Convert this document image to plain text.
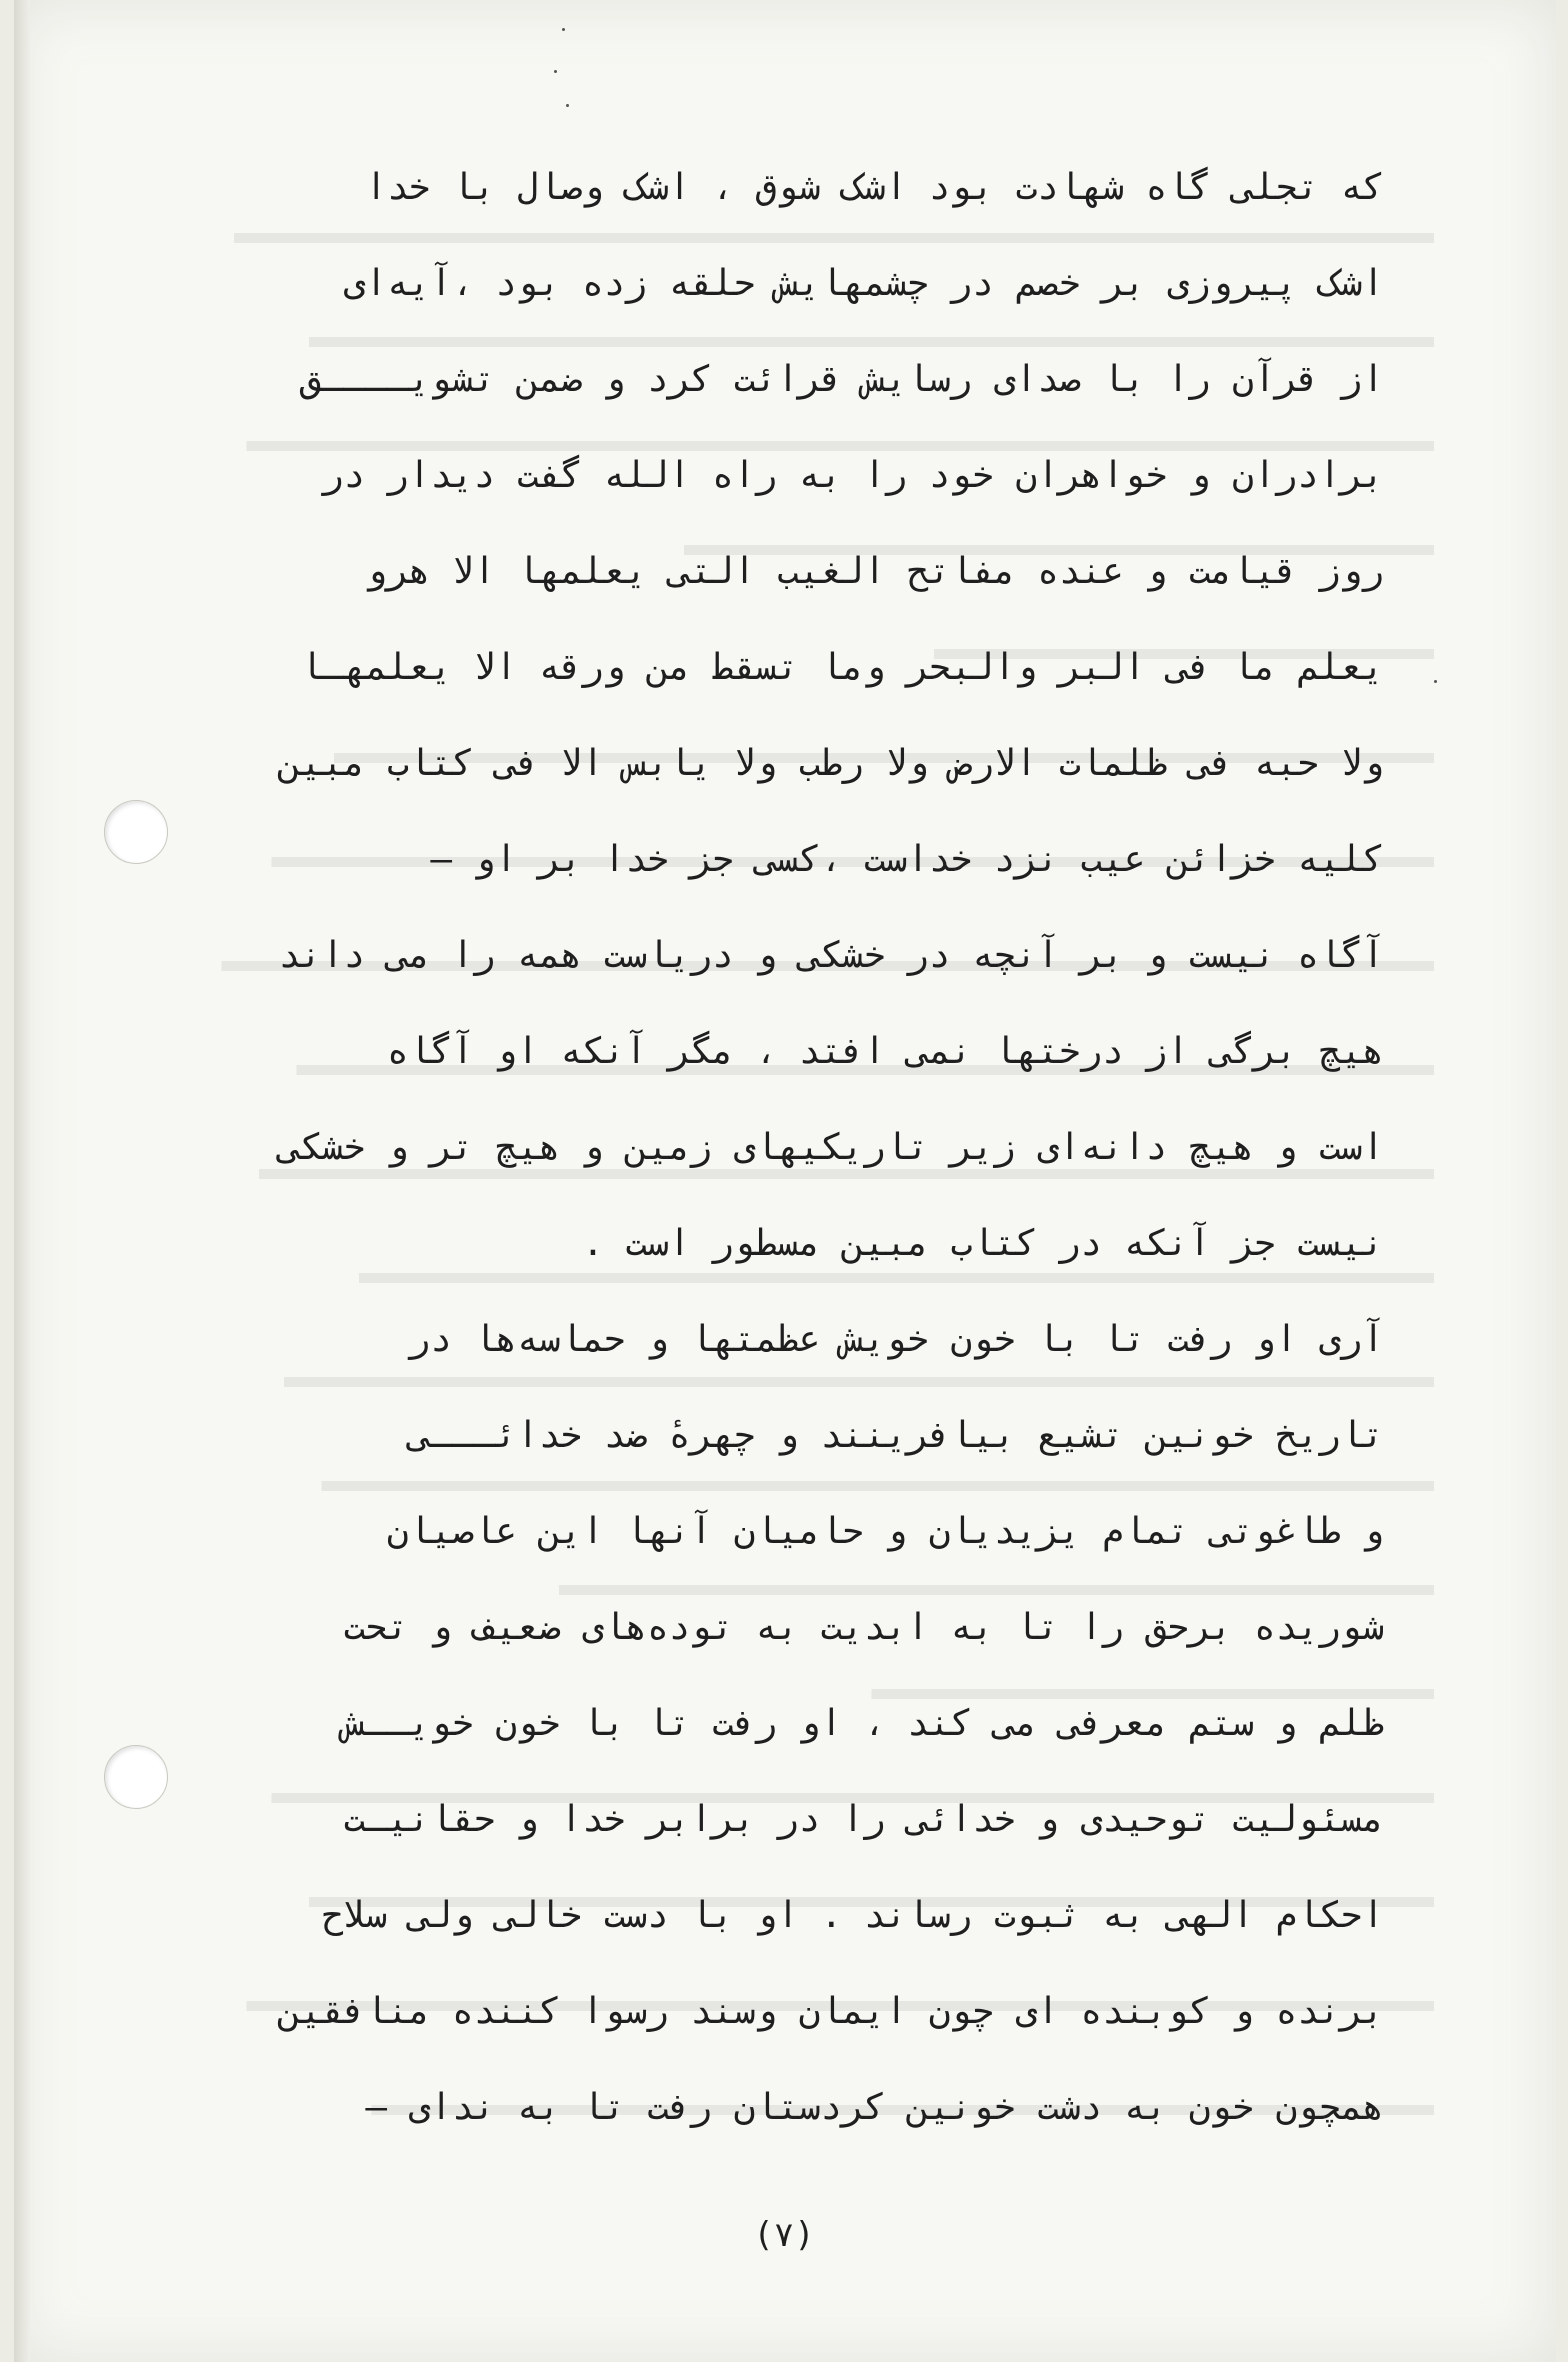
که تجلی گاه شهادت بود اشک شوق ، اشک وصال با خدا
اشک پیروزی بر خصم در چشمهایش حلقه زده بود ،آیه‌ای
از قرآن را با صدای رسایش قرائت کرد و ضمن تشویــــق
برادران و خواهران خود را به راه الله گفت دیدار در
روز قیامت و عنده مفاتح الغیب التی یعلمها الا هرو
یعلم ما فی البر والبحر وما تسقط من ورقه الا یعلمهـا
ولا حبه فی ظلمات الارض ولا رطب ولا یابس الا فی کتاب مبین
کلیه خزائن عیب نزد خداست ،کسی جز خدا بر او –
آگاه نیست و بر آنچه در خشکی و دریاست همه را می داند
هیچ برگی از درختها نمی افتد ، مگر آنکه او آگاه
است و هیچ دانه‌ای زیر تاریکیهای زمین و هیچ تر و خشکی
نیست جز آنکه در کتاب مبین مسطور است .
آری او رفت تا با خون خویش عظمتها و حماسه‌ها در
تاریخ خونین تشیع بیافرینند و چهرهٔ ضد خدائـــی
و طاغوتی تمام یزیدیان و حامیان آنها این عاصیان
شوریده برحق را تا به ابدیت به توده‌های ضعیف و تحت
ظلم و ستم معرفی می کند ، او رفت تا با خون خویــش
مسئولیت توحیدی و خدائی را در برابر خدا و حقانیـت
احکام الهی به ثبوت رساند . او با دست خالی ولی سلاح
برنده و کوبنده ای چون ایمان وسند رسوا کننده منافقین
همچون خون به دشت خونین کردستان رفت تا به ندای –
(۷)
